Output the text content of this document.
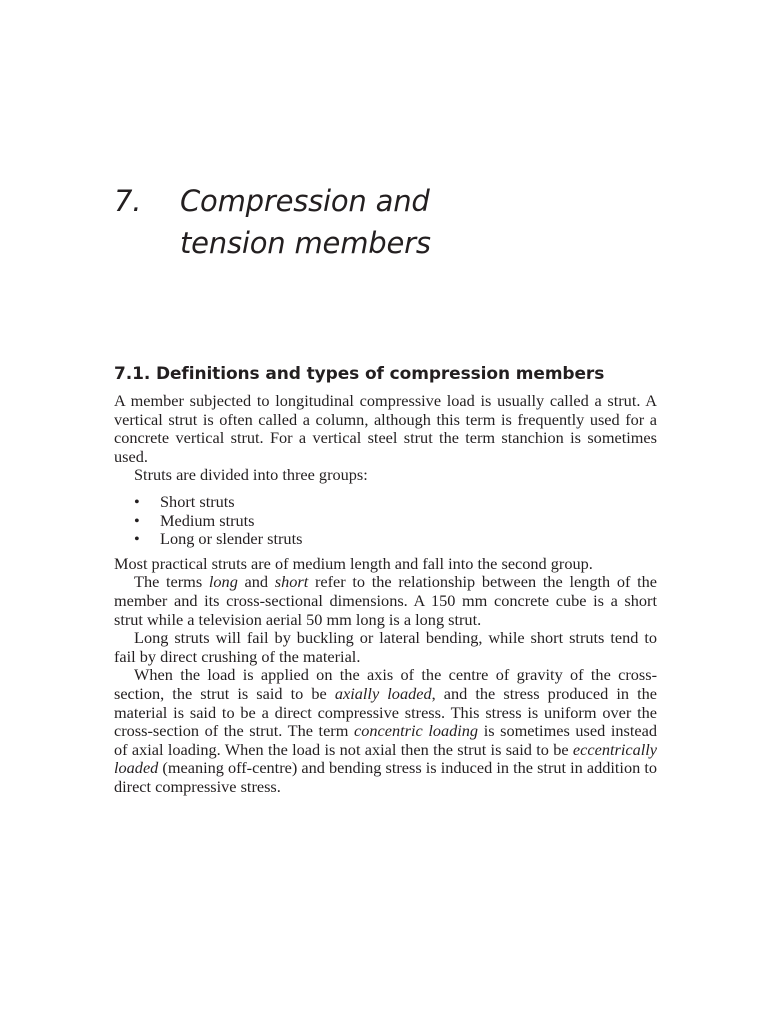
7. Compression and
tension members
7.1. Definitions and types of compression members

A member subjected to longitudinal compressive load is usually called a strut. A vertical strut is often called a column, although this term is frequently used for a concrete vertical strut. For a vertical steel strut the term stanchion is sometimes used.

Struts are divided into three groups:

• Short struts
• Medium struts
• Long or slender struts

Most practical struts are of medium length and fall into the second group.

The terms long and short refer to the relationship between the length of the member and its cross-sectional dimensions. A 150 mm concrete cube is a short strut while a television aerial 50 mm long is a long strut.

Long struts will fail by buckling or lateral bending, while short struts tend to fail by direct crushing of the material.

When the load is applied on the axis of the centre of gravity of the cross-section, the strut is said to be axially loaded, and the stress produced in the material is said to be a direct compressive stress. This stress is uniform over the cross-section of the strut. The term concentric loading is sometimes used instead of axial loading. When the load is not axial then the strut is said to be eccentrically loaded (meaning off-centre) and bending stress is induced in the strut in addition to direct compressive stress.
